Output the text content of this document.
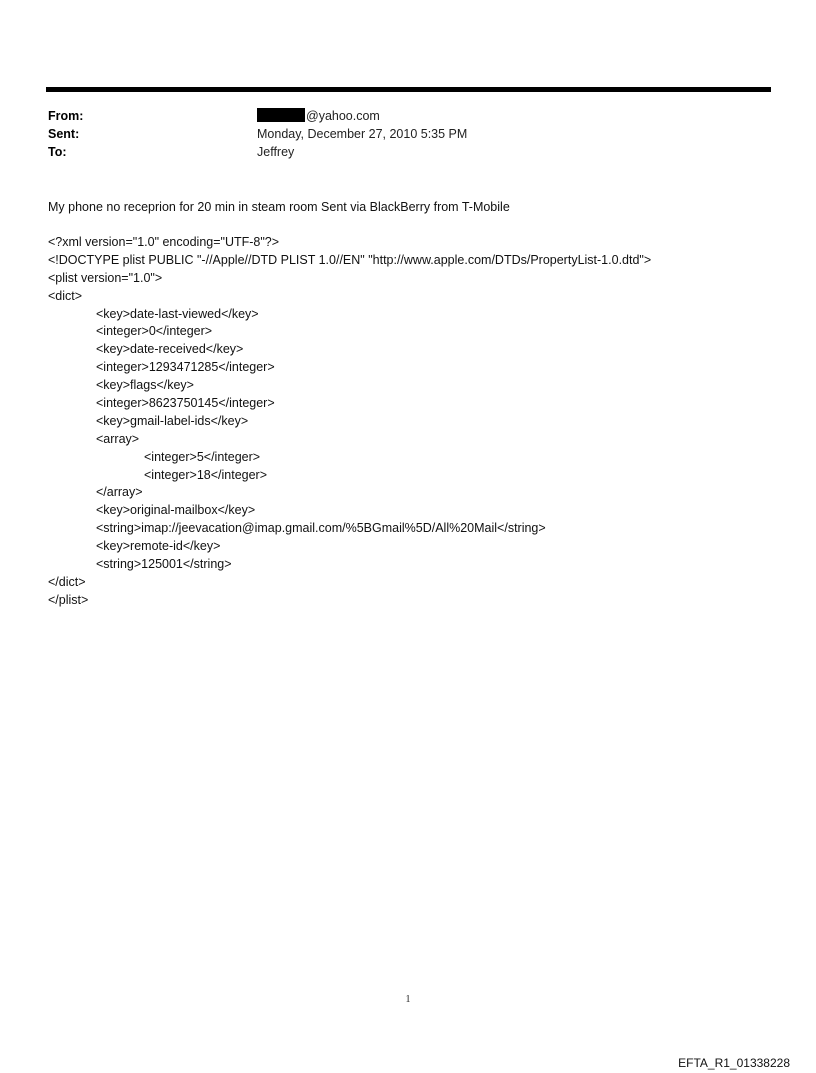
From:	@yahoo.com
Sent:	Monday, December 27, 2010 5:35 PM
To:	Jeffrey
My phone no receprion for 20 min in steam room Sent via BlackBerry from T-Mobile
<?xml version="1.0" encoding="UTF-8"?>
<!DOCTYPE plist PUBLIC "-//Apple//DTD PLIST 1.0//EN" "http://www.apple.com/DTDs/PropertyList-1.0.dtd">
<plist version="1.0">
<dict>
<key>date-last-viewed</key>
<integer>0</integer>
<key>date-received</key>
<integer>1293471285</integer>
<key>flags</key>
<integer>8623750145</integer>
<key>gmail-label-ids</key>
<array>
<integer>5</integer>
<integer>18</integer>
</array>
<key>original-mailbox</key>
<string>imap://jeevacation@imap.gmail.com/%5BGmail%5D/All%20Mail</string>
<key>remote-id</key>
<string>125001</string>
</dict>
</plist>
1
EFTA_R1_01338228
